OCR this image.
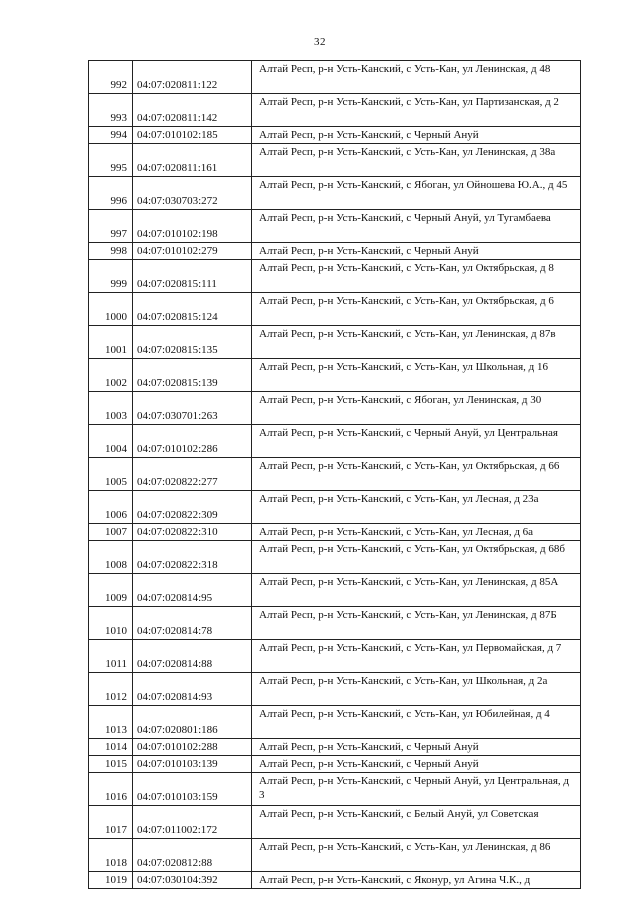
32
992	04:07:020811:122	Алтай Респ, р-н Усть-Канский, с Усть-Кан, ул Ленинская, д 48
993	04:07:020811:142	Алтай Респ, р-н Усть-Канский, с Усть-Кан, ул Партизанская, д 2
994	04:07:010102:185	Алтай Респ, р-н Усть-Канский, с Черный Ануй
995	04:07:020811:161	Алтай Респ, р-н Усть-Канский, с Усть-Кан, ул Ленинская, д 38а
996	04:07:030703:272	Алтай Респ, р-н Усть-Канский, с Ябоган, ул Ойношева Ю.А., д 45
997	04:07:010102:198	Алтай Респ, р-н Усть-Канский, с Черный Ануй, ул Тугамбаева
998	04:07:010102:279	Алтай Респ, р-н Усть-Канский, с Черный Ануй
999	04:07:020815:111	Алтай Респ, р-н Усть-Канский, с Усть-Кан, ул Октябрьская, д 8
1000	04:07:020815:124	Алтай Респ, р-н Усть-Канский, с Усть-Кан, ул Октябрьская, д 6
1001	04:07:020815:135	Алтай Респ, р-н Усть-Канский, с Усть-Кан, ул Ленинская, д 87в
1002	04:07:020815:139	Алтай Респ, р-н Усть-Канский, с Усть-Кан, ул Школьная, д 16
1003	04:07:030701:263	Алтай Респ, р-н Усть-Канский, с Ябоган, ул Ленинская, д 30
1004	04:07:010102:286	Алтай Респ, р-н Усть-Канский, с Черный Ануй, ул Центральная
1005	04:07:020822:277	Алтай Респ, р-н Усть-Канский, с Усть-Кан, ул Октябрьская, д 66
1006	04:07:020822:309	Алтай Респ, р-н Усть-Канский, с Усть-Кан, ул Лесная, д 23а
1007	04:07:020822:310	Алтай Респ, р-н Усть-Канский, с Усть-Кан, ул Лесная, д 6а
1008	04:07:020822:318	Алтай Респ, р-н Усть-Канский, с Усть-Кан, ул Октябрьская, д 68б
1009	04:07:020814:95	Алтай Респ, р-н Усть-Канский, с Усть-Кан, ул Ленинская, д 85А
1010	04:07:020814:78	Алтай Респ, р-н Усть-Канский, с Усть-Кан, ул Ленинская, д 87Б
1011	04:07:020814:88	Алтай Респ, р-н Усть-Канский, с Усть-Кан, ул Первомайская, д 7
1012	04:07:020814:93	Алтай Респ, р-н Усть-Канский, с Усть-Кан, ул Школьная, д 2а
1013	04:07:020801:186	Алтай Респ, р-н Усть-Канский, с Усть-Кан, ул Юбилейная, д 4
1014	04:07:010102:288	Алтай Респ, р-н Усть-Канский, с Черный Ануй
1015	04:07:010103:139	Алтай Респ, р-н Усть-Канский, с Черный Ануй
1016	04:07:010103:159	Алтай Респ, р-н Усть-Канский, с Черный Ануй, ул Центральная, д 3
1017	04:07:011002:172	Алтай Респ, р-н Усть-Канский, с Белый Ануй, ул Советская
1018	04:07:020812:88	Алтай Респ, р-н Усть-Канский, с Усть-Кан, ул Ленинская, д 86
1019	04:07:030104:392	Алтай Респ, р-н Усть-Канский, с Яконур, ул Агина Ч.К., д
